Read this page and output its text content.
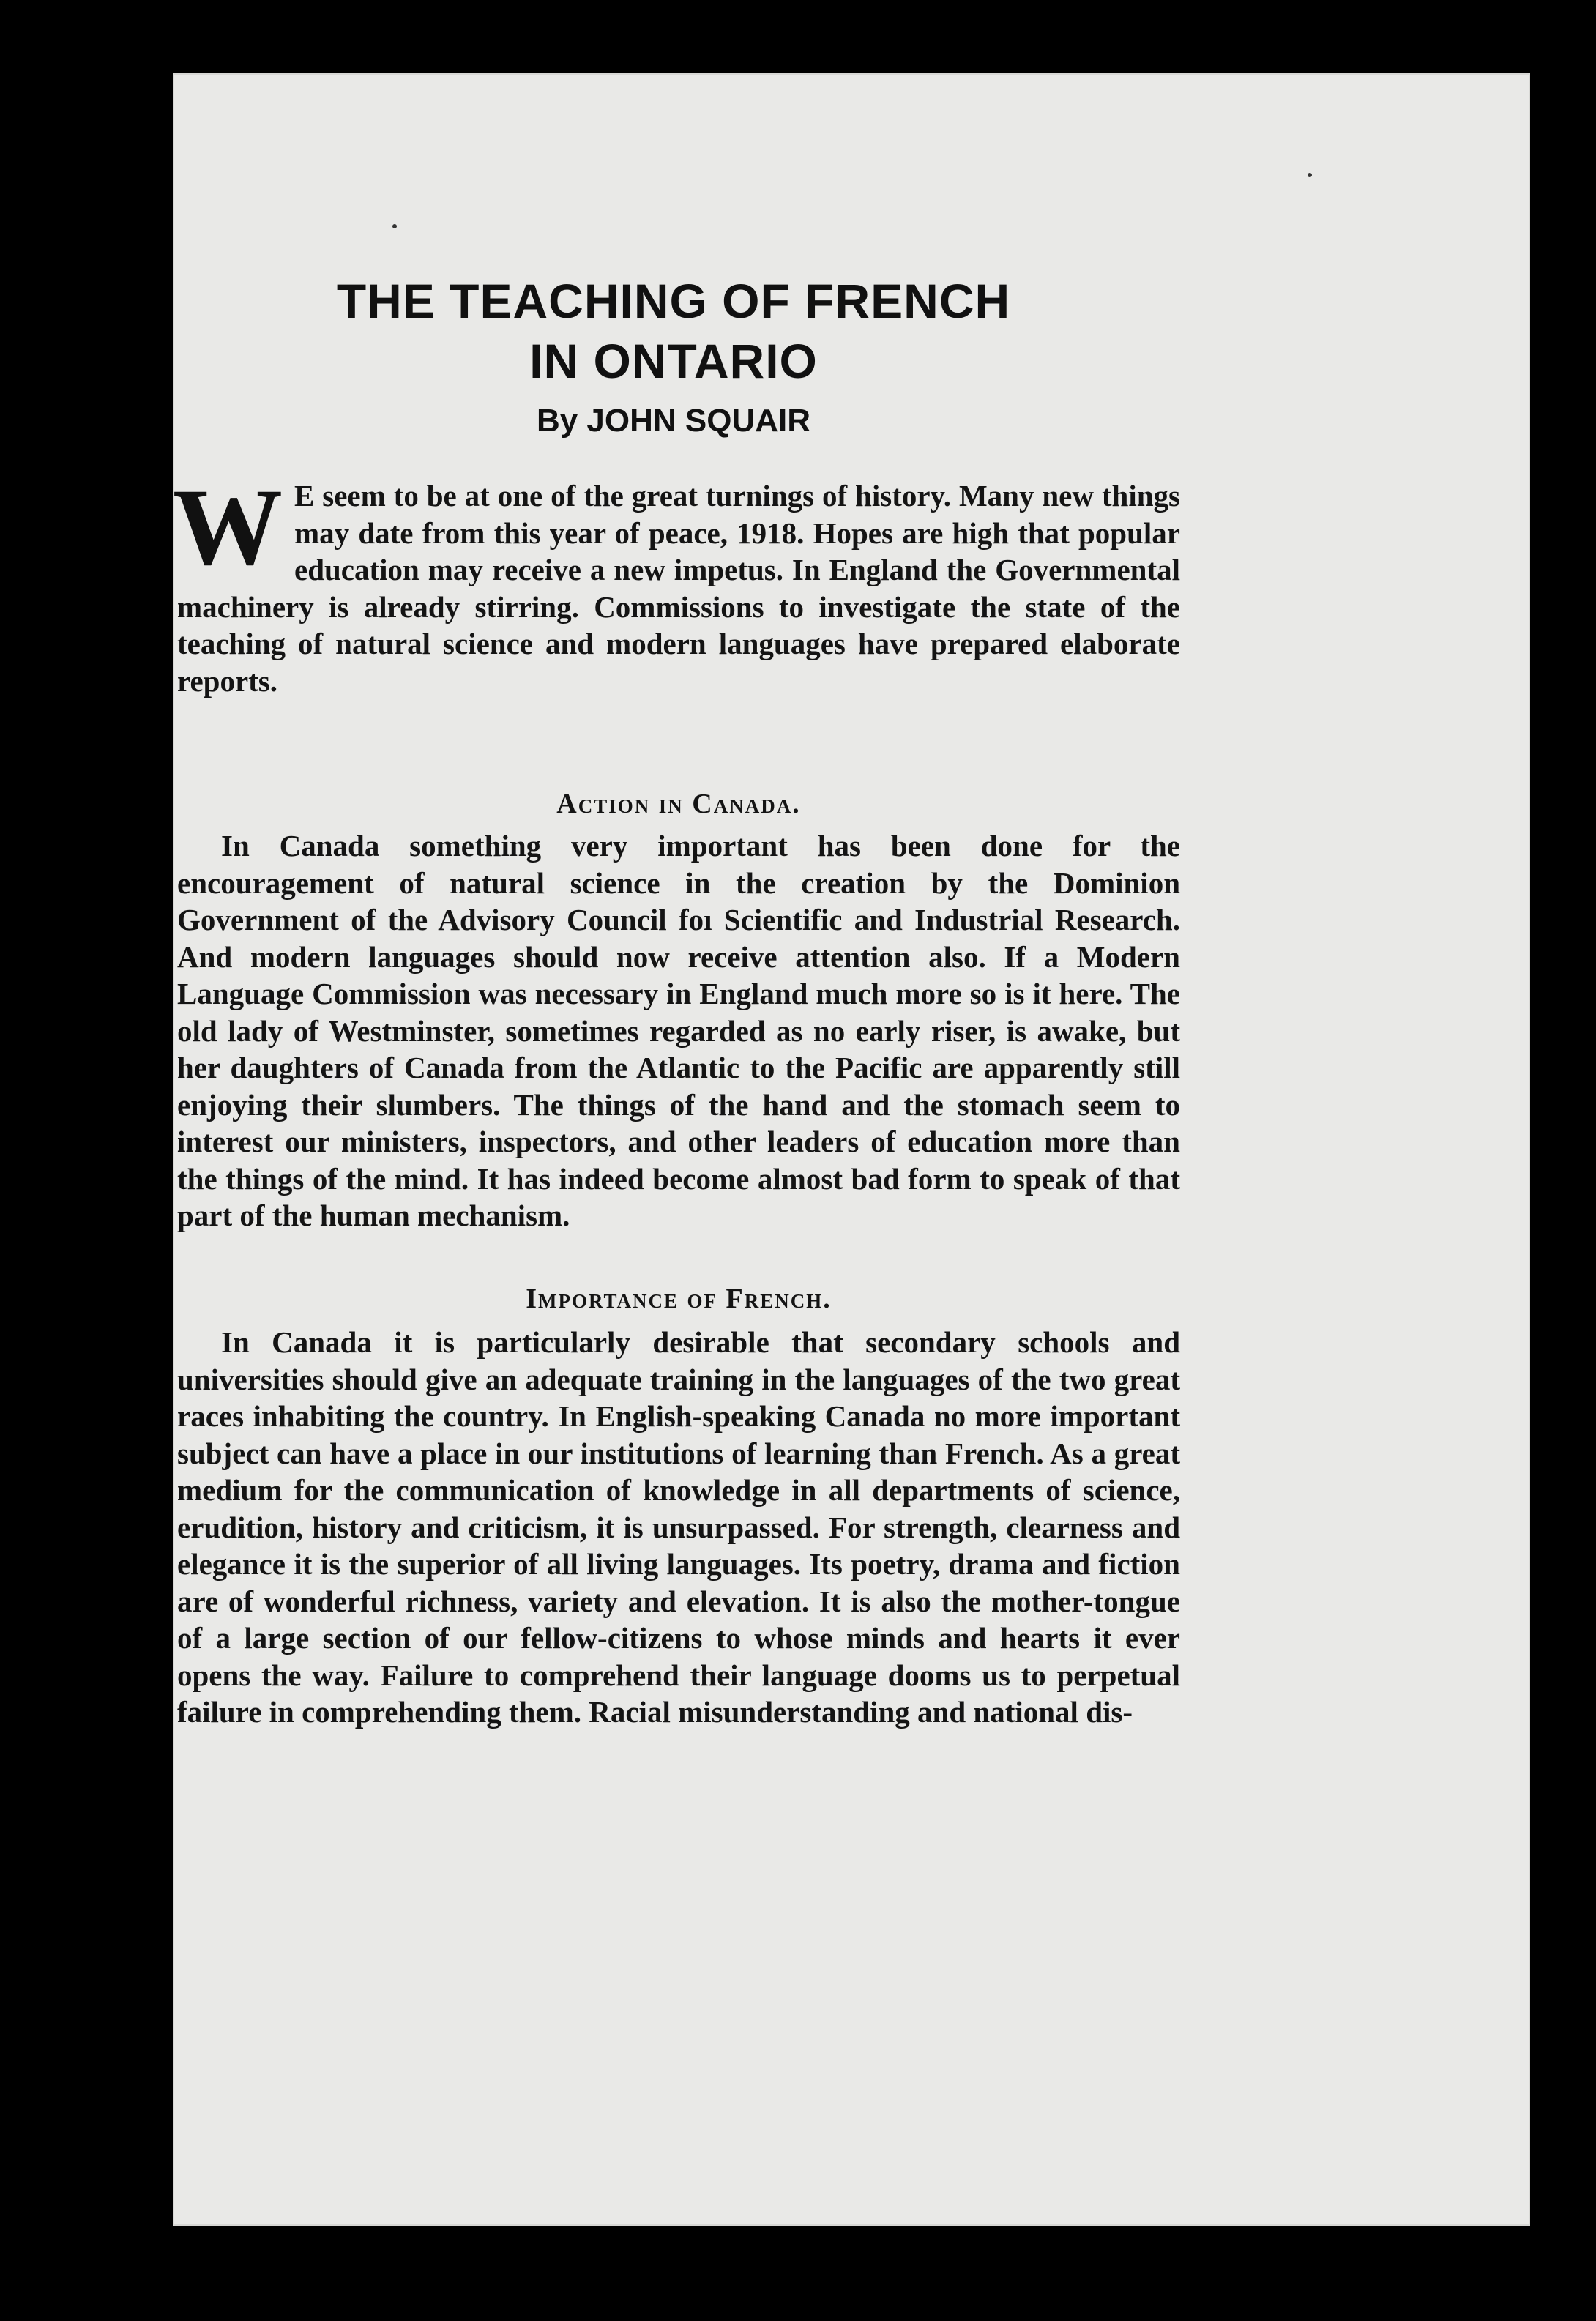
THE TEACHING OF FRENCH
IN ONTARIO

By JOHN SQUAIR

W E seem to be at one of the great turnings of history. Many new things may date from this year of peace, 1918. Hopes are high that popular education may receive a new impetus. In England the Governmental machinery is already stirring. Commissions to investigate the state of the teaching of natural science and modern languages have prepared elaborate reports.

Action in Canada.

In Canada something very important has been done for the encouragement of natural science in the creation by the Dominion Government of the Advisory Council foı Scientific and Industrial Research. And modern languages should now receive attention also. If a Modern Language Commission was necessary in England much more so is it here. The old lady of Westminster, sometimes regarded as no early riser, is awake, but her daughters of Canada from the Atlantic to the Pacific are apparently still enjoying their slumbers. The things of the hand and the stomach seem to interest our ministers, inspectors, and other leaders of education more than the things of the mind. It has indeed become almost bad form to speak of that part of the human mechanism.

Importance of French.

In Canada it is particularly desirable that secondary schools and universities should give an adequate training in the languages of the two great races inhabiting the country. In English-speaking Canada no more important subject can have a place in our institutions of learning than French. As a great medium for the communication of knowledge in all departments of science, erudition, history and criticism, it is unsurpassed. For strength, clearness and elegance it is the superior of all living languages. Its poetry, drama and fiction are of wonderful richness, variety and elevation. It is also the mother-tongue of a large section of our fellow-citizens to whose minds and hearts it ever opens the way. Failure to comprehend their language dooms us to perpetual failure in comprehending them. Racial misunderstanding and national dis-
